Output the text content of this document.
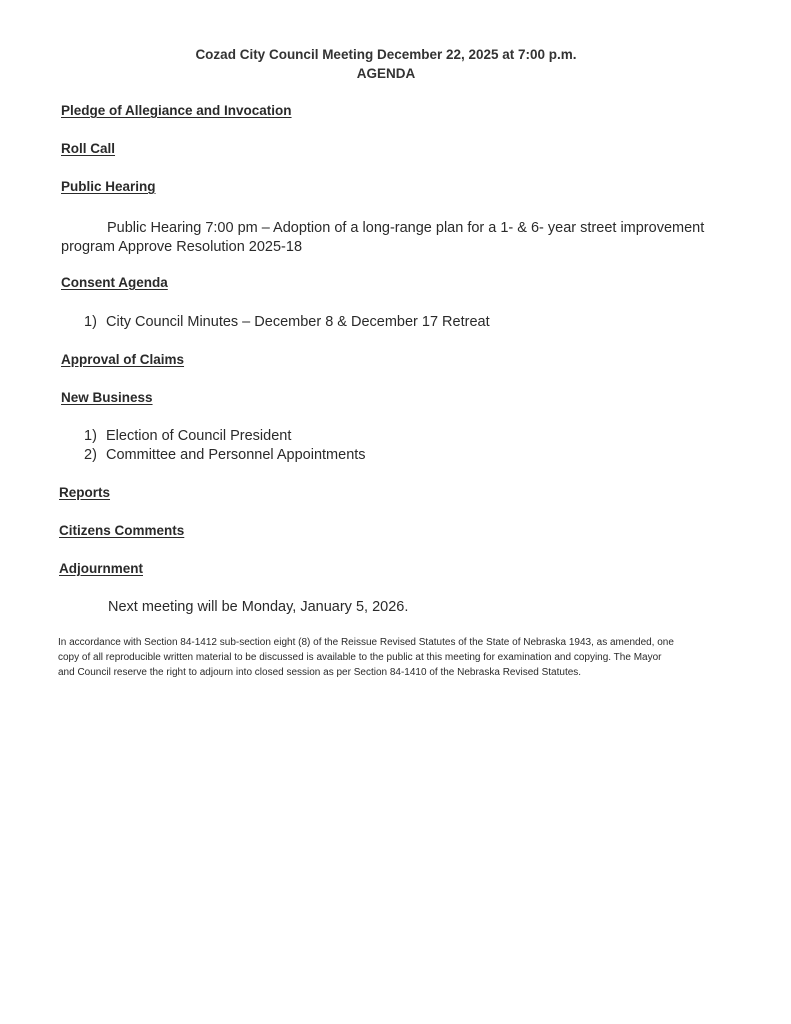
Cozad City Council Meeting December 22, 2025 at 7:00 p.m.
AGENDA
Pledge of Allegiance and Invocation
Roll Call
Public Hearing
Public Hearing 7:00 pm – Adoption of a long-range plan for a 1- & 6- year street improvement
program Approve Resolution 2025-18
Consent Agenda
1) City Council Minutes – December 8 & December 17 Retreat
Approval of Claims
New Business
1) Election of Council President
2) Committee and Personnel Appointments
Reports
Citizens Comments
Adjournment
Next meeting will be Monday, January 5, 2026.
In accordance with Section 84-1412 sub-section eight (8) of the Reissue Revised Statutes of the State of Nebraska 1943, as amended, one
copy of all reproducible written material to be discussed is available to the public at this meeting for examination and copying. The Mayor
and Council reserve the right to adjourn into closed session as per Section 84-1410 of the Nebraska Revised Statutes.
